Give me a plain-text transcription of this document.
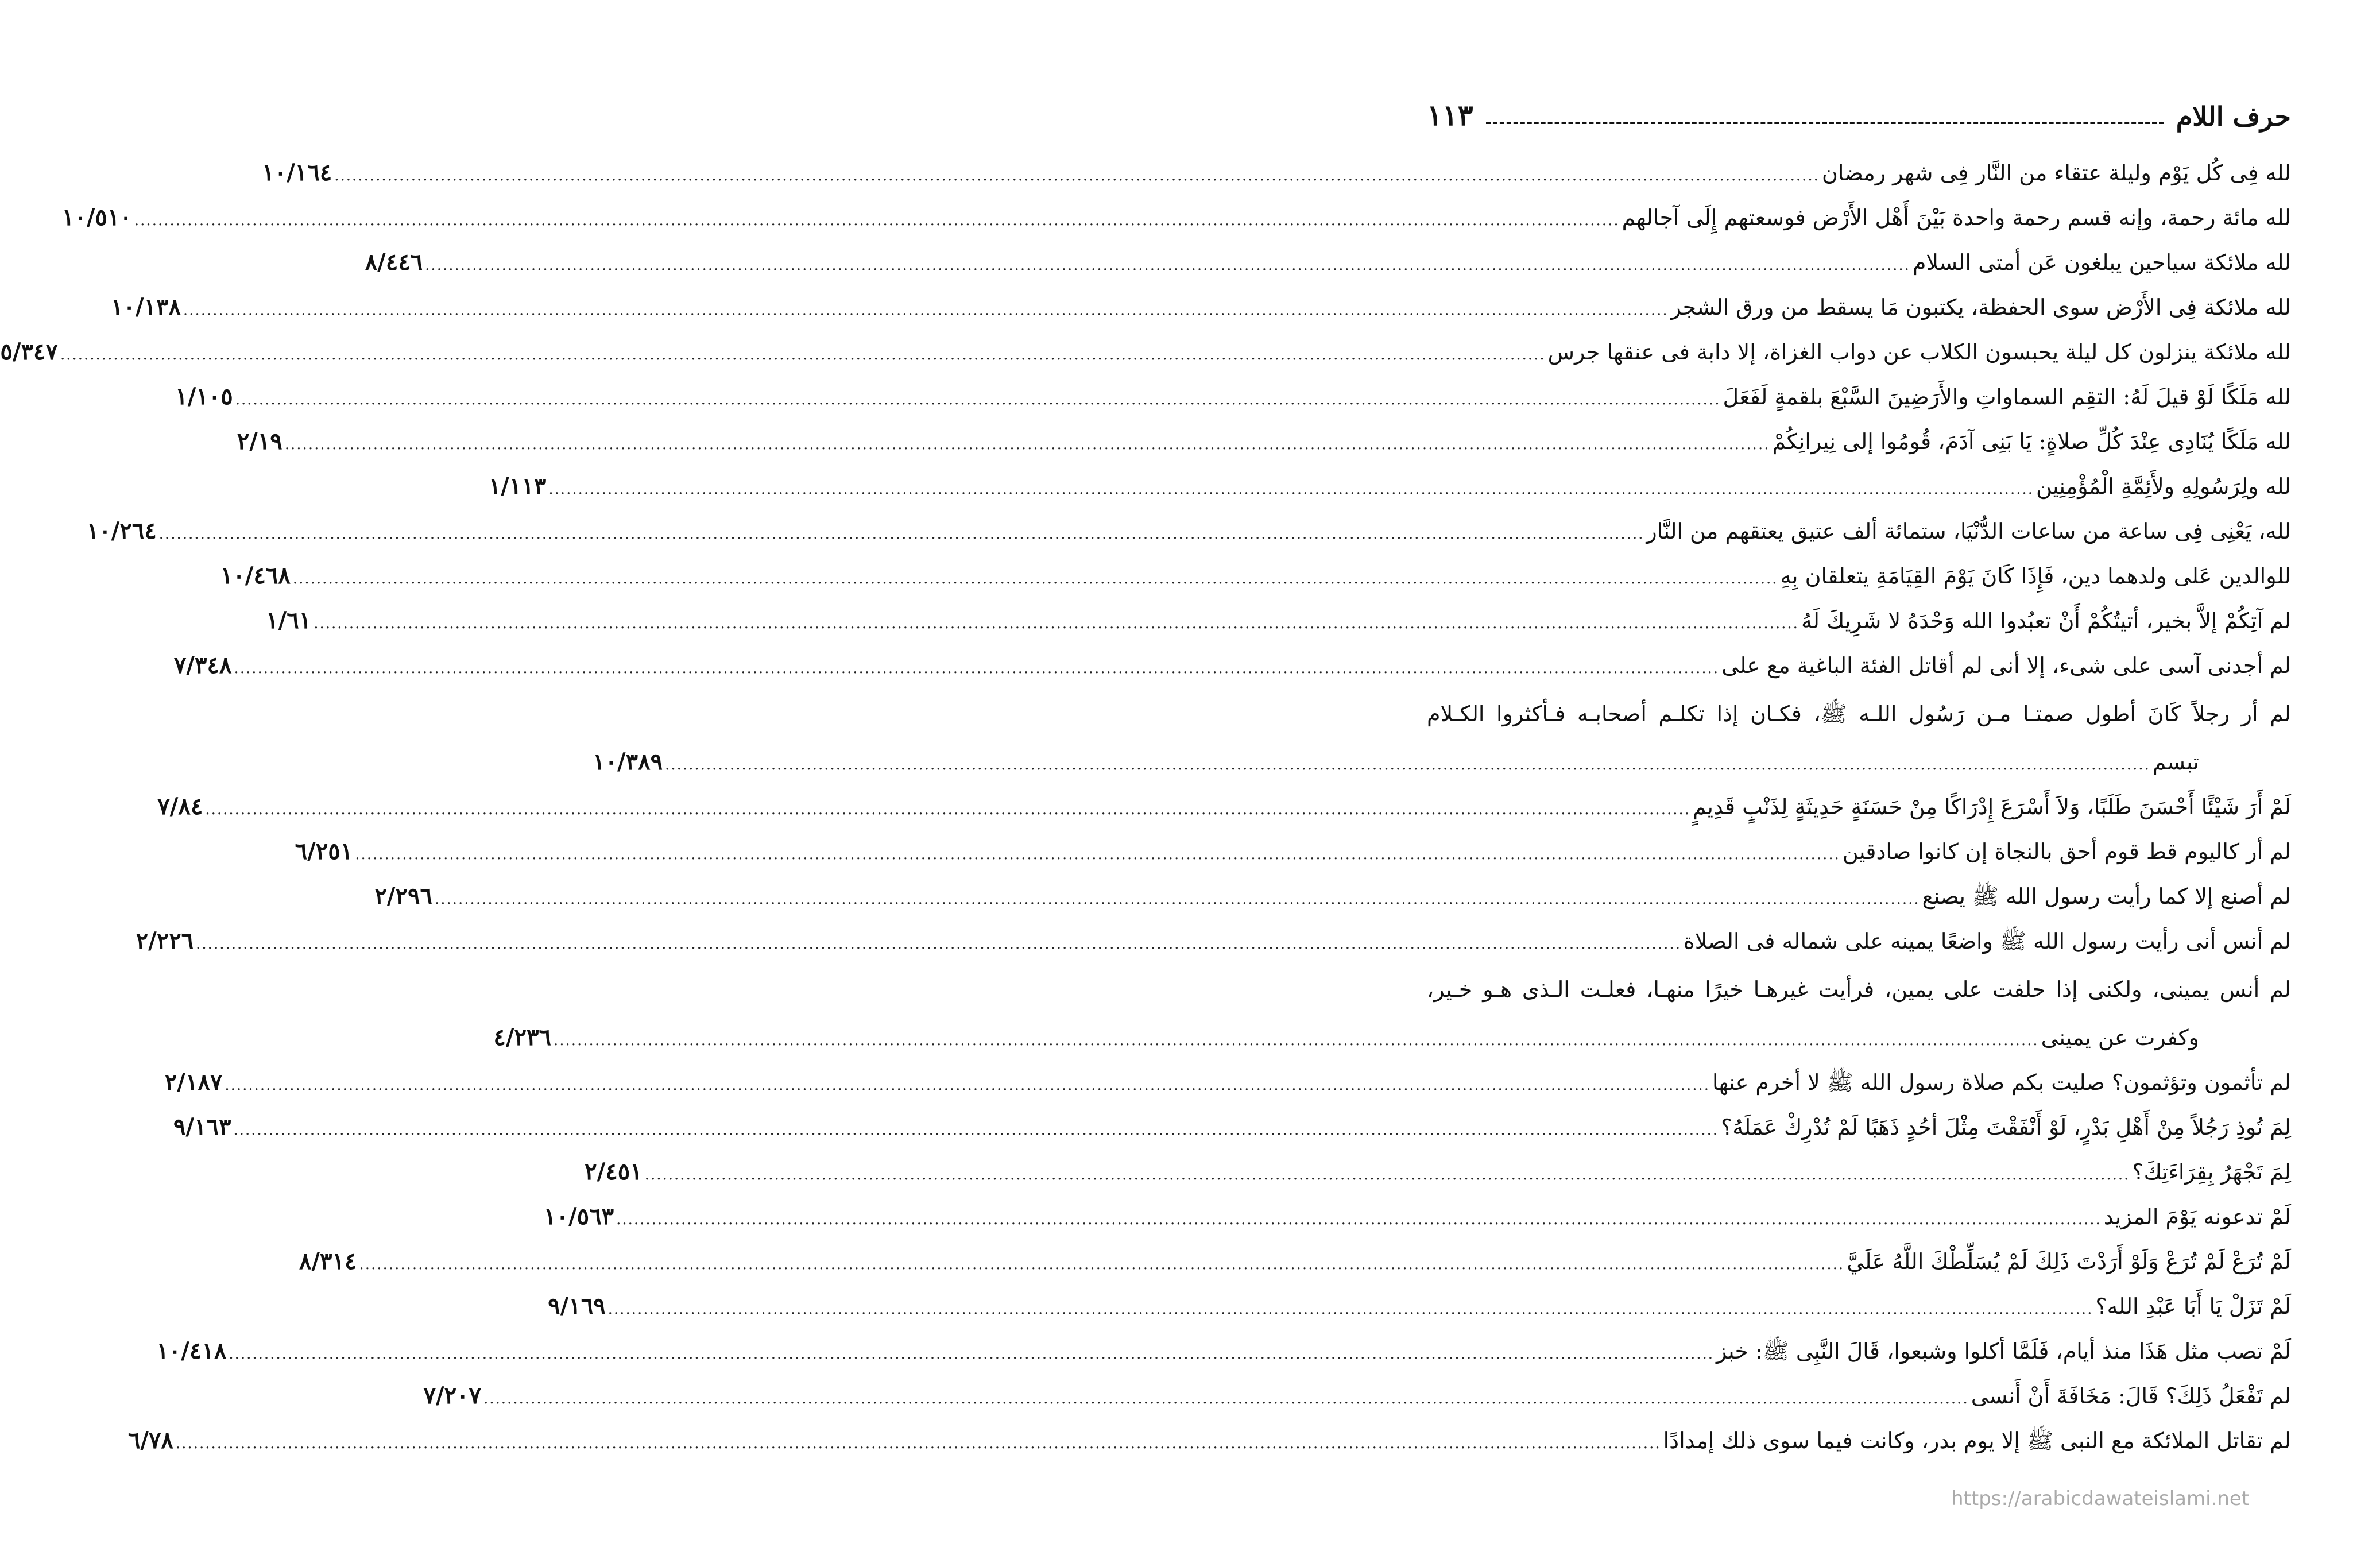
حرف اللام
١١٣
لله فِى كُل يَوْم وليلة عتقاء من النَّار فِى شهر رمضان
............................................................................................................................................................................................................................................................
١٠/١٦٤
لله مائة رحمة، وإنه قسم رحمة واحدة بَيْنَ أَهْل الأَرْض فوسعتهم إِلَى آجالهم
............................................................................................................................................................................................................................................................
١٠/٥١٠
لله ملائكة سياحين يبلغون عَن أمتى السلام
............................................................................................................................................................................................................................................................
٨/٤٤٦
لله ملائكة فِى الأَرْض سوى الحفظة، يكتبون مَا يسقط من ورق الشجر
............................................................................................................................................................................................................................................................
١٠/١٣٨
لله ملائكة ينزلون كل ليلة يحبسون الكلاب عن دواب الغزاة، إلا دابة فى عنقها جرس
............................................................................................................................................................................................................................................................
٥/٣٤٧
لله مَلَكًا لَوْ قيلَ لَهُ: التقِم السماواتِ والأَرَضِينَ السَّبْعَ بلقمةٍ لَفَعَلَ
............................................................................................................................................................................................................................................................
١/١٠٥
لله مَلَكًا يُنَادِى عِنْدَ كُلِّ صلاةٍ: يَا بَنِى آدَمَ، قُومُوا إلى نِيرانِكُمْ
............................................................................................................................................................................................................................................................
٢/١٩
لله ولِرَسُولِهِ ولأَئِمَّةِ الْمُؤْمِنِين
............................................................................................................................................................................................................................................................
١/١١٣
لله، يَعْنِى فِى ساعة من ساعات الدُّنْيَا، ستمائة ألف عتيق يعتقهم من النَّار
............................................................................................................................................................................................................................................................
١٠/٢٦٤
للوالدين عَلى ولدهما دين، فَإِذَا كَانَ يَوْمَ القِيَامَةِ يتعلقان بِهِ
............................................................................................................................................................................................................................................................
١٠/٤٦٨
لم آتِكُمْ إلاَّ بخير، أتيتُكُمْ أَنْ تعبُدوا الله وَحْدَهُ لا شَرِيكَ لَهُ
............................................................................................................................................................................................................................................................
١/٦١
لم أجدنى آسى على شىء، إلا أنى لم أقاتل الفئة الباغية مع على
............................................................................................................................................................................................................................................................
٧/٣٤٨
لم أر رجلاً كَانَ أطول صمتـا مـن رَسُول اللـه ﷺ، فكـان إذا تكلـم أصحابـه فـأكثروا الكـلام
تبسم
............................................................................................................................................................................................................................................................
١٠/٣٨٩
لَمْ أَرَ شَيْئًا أَحْسَنَ طَلَبًا، وَلاَ أَسْرَعَ إِدْرَاكًا مِنْ حَسَنَةٍ حَدِيثَةٍ لِذَنْبٍ قَدِيمٍ
............................................................................................................................................................................................................................................................
٧/٨٤
لم أر كاليوم قط قوم أحق بالنجاة إن كانوا صادقين
............................................................................................................................................................................................................................................................
٦/٢٥١
لم أصنع إلا كما رأيت رسول الله ﷺ يصنع
............................................................................................................................................................................................................................................................
٢/٢٩٦
لم أنس أنى رأيت رسول الله ﷺ واضعًا يمينه على شماله فى الصلاة
............................................................................................................................................................................................................................................................
٢/٢٢٦
لم أنس يمينى، ولكنى إذا حلفت على يمين، فرأيت غيرهـا خيرًا منهـا، فعلـت الـذى هـو خـير،
وكفرت عن يمينى
............................................................................................................................................................................................................................................................
٤/٢٣٦
لم تأثمون وتؤثمون؟ صليت بكم صلاة رسول الله ﷺ لا أخرم عنها
............................................................................................................................................................................................................................................................
٢/١٨٧
لِمَ تُوذِ رَجُلاً مِنْ أَهْلِ بَدْرٍ، لَوْ أَنْفَقْتَ مِثْلَ أحُدٍ ذَهَبًا لَمْ تُدْرِكْ عَمَلَهُ؟
............................................................................................................................................................................................................................................................
٩/١٦٣
لِمَ تَجْهَرُ بِقِرَاءَتِكَ؟
............................................................................................................................................................................................................................................................
٢/٤٥١
لَمْ تدعونه يَوْمَ المزيد
............................................................................................................................................................................................................................................................
١٠/٥٦٣
لَمْ تُرَعْ لَمْ تُرَعْ وَلَوْ أَرَدْتَ ذَلِكَ لَمْ يُسَلِّطْكَ اللَّهُ عَلَيَّ
............................................................................................................................................................................................................................................................
٨/٣١٤
لَمْ تَزَلْ يَا أَبَا عَبْدِ الله؟
............................................................................................................................................................................................................................................................
٩/١٦٩
لَمْ تصب مثل هَذَا منذ أيام، فَلَمَّا أكلوا وشبعوا، قَالَ النَّبِى ﷺ: خبز
............................................................................................................................................................................................................................................................
١٠/٤١٨
لم تَفْعَلُ ذَلِكَ؟ قَالَ: مَخَافَةَ أَنْ أَنسى
............................................................................................................................................................................................................................................................
٧/٢٠٧
لم تقاتل الملائكة مع النبى ﷺ إلا يوم بدر، وكانت فيما سوى ذلك إمدادًا
............................................................................................................................................................................................................................................................
٦/٧٨
https://arabicdawateislami.net
